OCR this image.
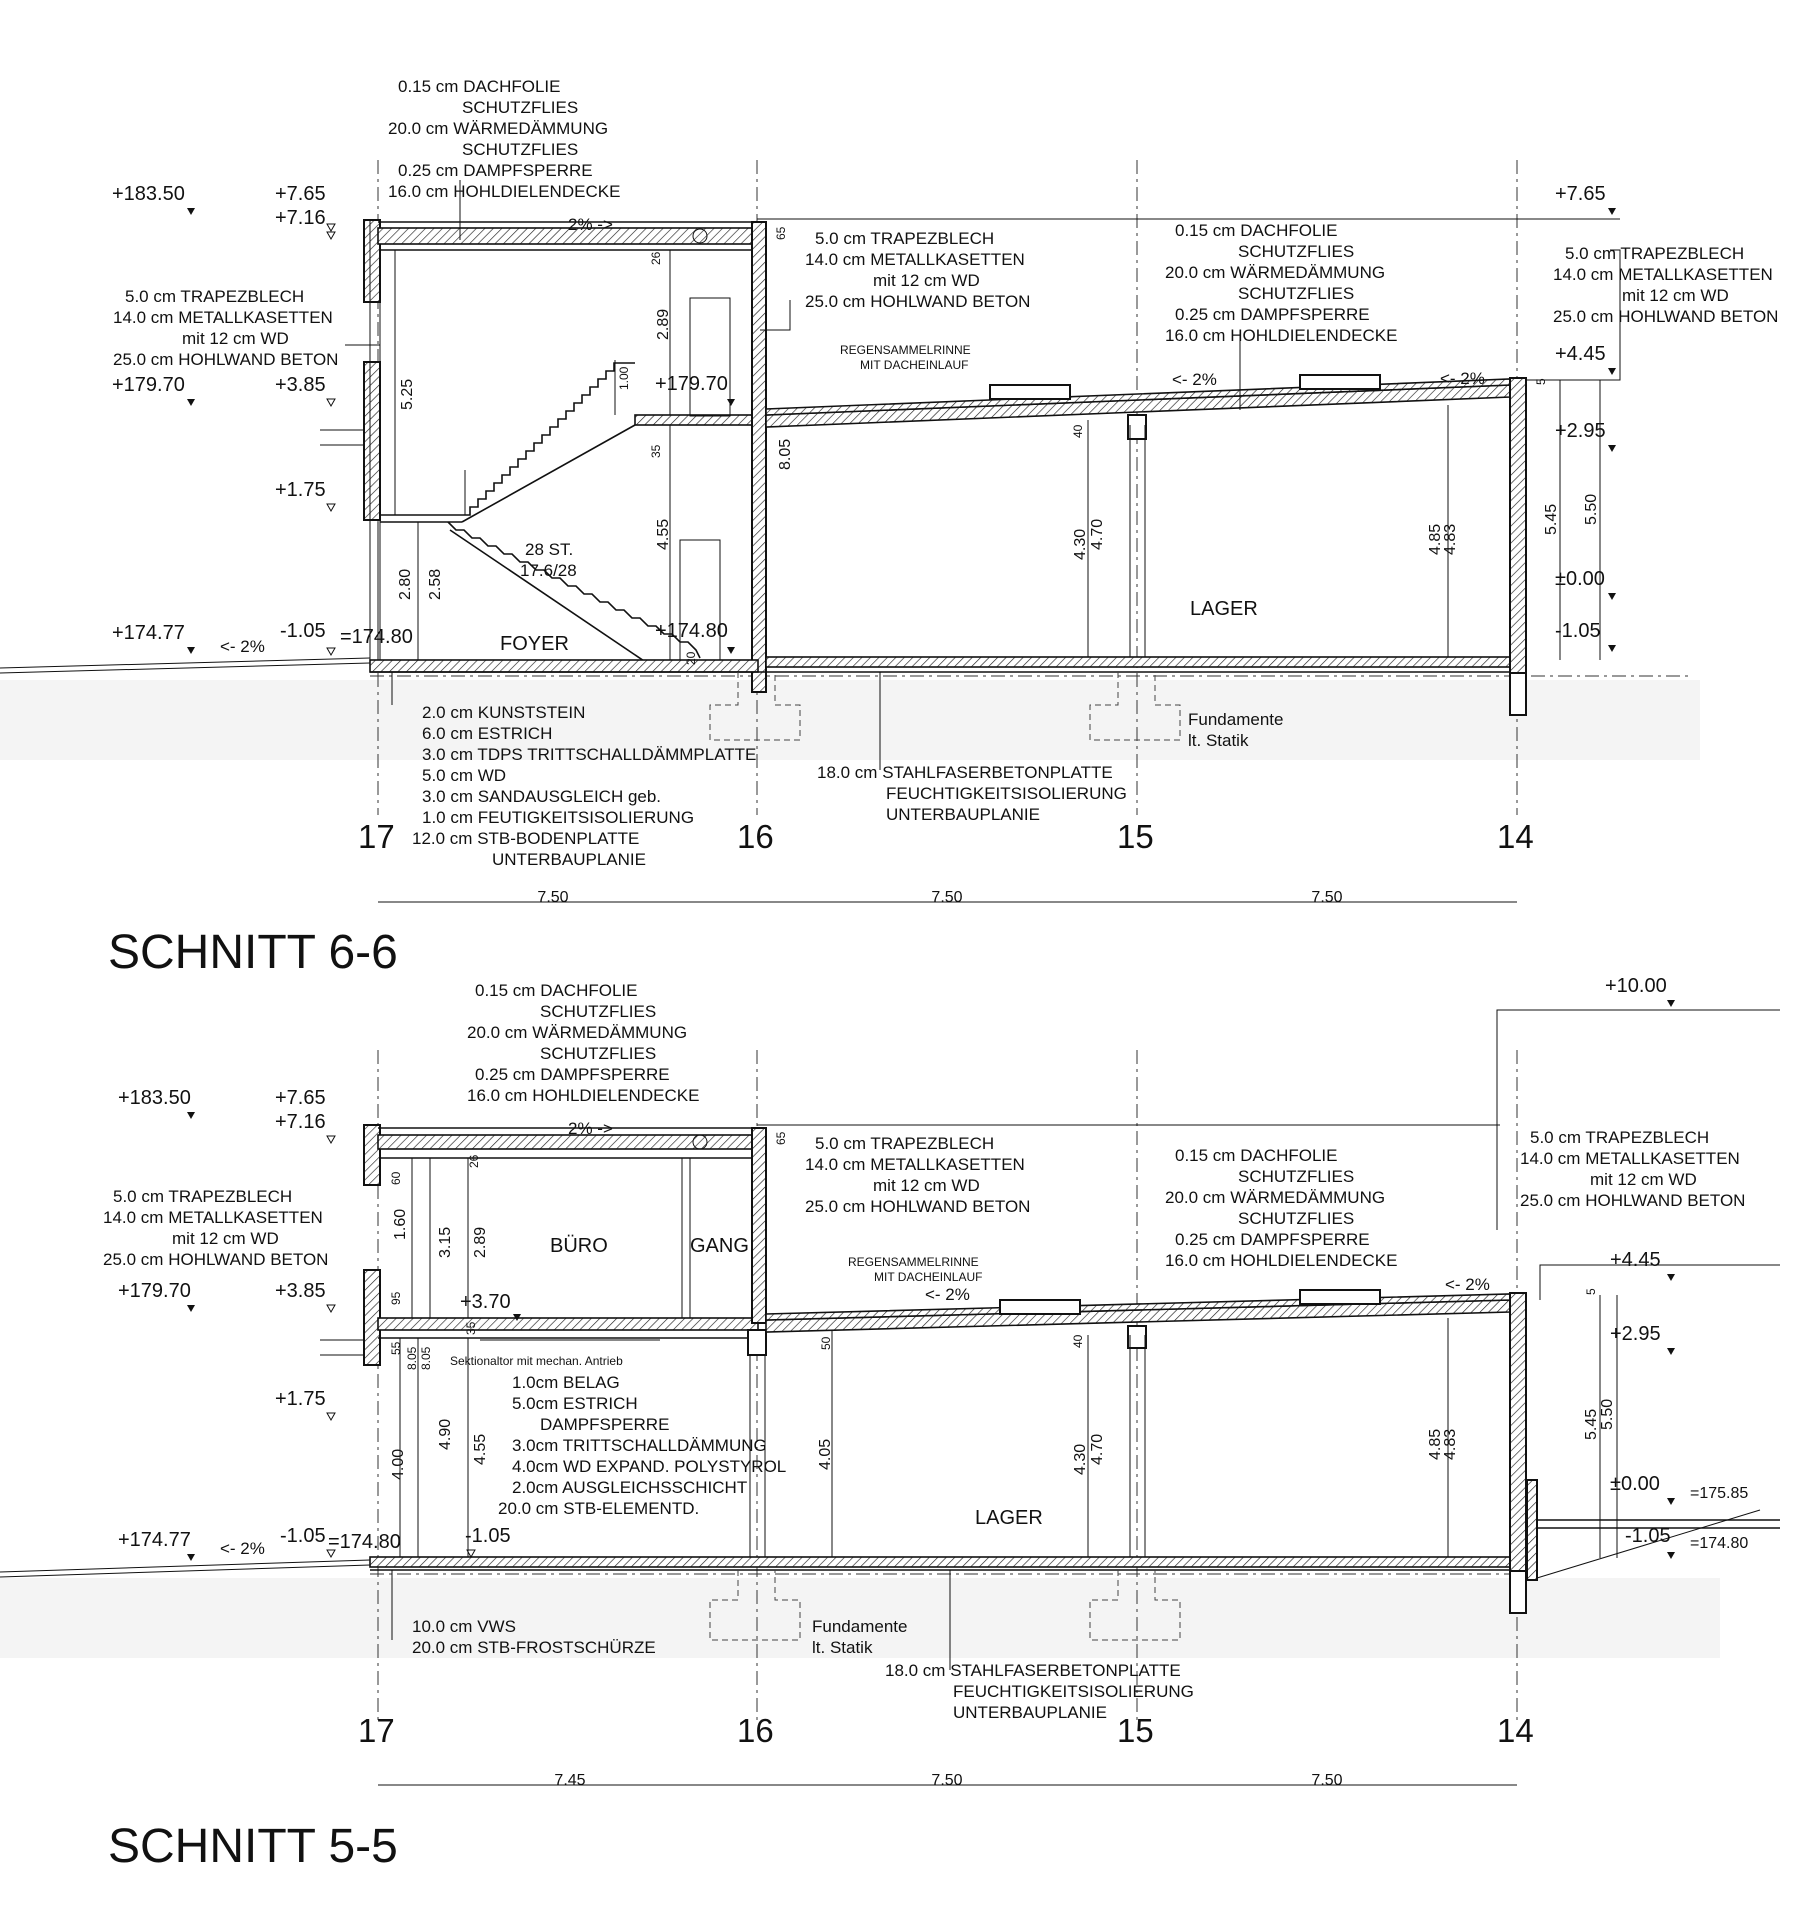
0.15 cm DACHFOLIE
SCHUTZFLIES
20.0 cm WÄRMEDÄMMUNG
SCHUTZFLIES
0.25 cm DAMPFSPERRE
16.0 cm HOHLDIELENDECKE
5.0 cm TRAPEZBLECH
14.0 cm METALLKASETTEN
mit 12 cm WD
25.0 cm HOHLWAND BETON
5.0 cm TRAPEZBLECH
14.0 cm METALLKASETTEN
mit 12 cm WD
25.0 cm HOHLWAND BETON
0.15 cm DACHFOLIE
SCHUTZFLIES
20.0 cm WÄRMEDÄMMUNG
SCHUTZFLIES
0.25 cm DAMPFSPERRE
16.0 cm HOHLDIELENDECKE
5.0 cm TRAPEZBLECH
14.0 cm METALLKASETTEN
mit 12 cm WD
25.0 cm HOHLWAND BETON
REGENSAMMELRINNE
MIT DACHEINLAUF
2.0 cm KUNSTSTEIN
6.0 cm ESTRICH
3.0 cm TDPS TRITTSCHALLDÄMMPLATTE
5.0 cm WD
3.0 cm SANDAUSGLEICH geb.
1.0 cm FEUTIGKEITSISOLIERUNG
12.0 cm STB-BODENPLATTE
UNTERBAUPLANIE
18.0 cm STAHLFASERBETONPLATTE
FEUCHTIGKEITSISOLIERUNG
UNTERBAUPLANIE
Fundamente
lt. Statik
FOYER
LAGER
28 ST.
17.6/28
+183.50
+179.70
+174.77
+7.65
+7.16
+3.85
+1.75
-1.05 =174.80
+179.70
+174.80
+7.65
+4.45
+2.95
±0.00
-1.05
2% ->
<- 2%	<- 2%
<- 2%
5.25
2.80 2.58
2.89
4.55
8.05
4.30 4.70	4.85
4.83
5.45 5.50
1.00
35
65
26
40
20
5
17	16	15	14
7.50	7.50	7.50
SCHNITT 6-6
0.15 cm DACHFOLIE
SCHUTZFLIES
20.0 cm WÄRMEDÄMMUNG
SCHUTZFLIES
0.25 cm DAMPFSPERRE
16.0 cm HOHLDIELENDECKE
5.0 cm TRAPEZBLECH
14.0 cm METALLKASETTEN
mit 12 cm WD
25.0 cm HOHLWAND BETON
5.0 cm TRAPEZBLECH
14.0 cm METALLKASETTEN
mit 12 cm WD
25.0 cm HOHLWAND BETON
0.15 cm DACHFOLIE
SCHUTZFLIES
20.0 cm WÄRMEDÄMMUNG
SCHUTZFLIES
0.25 cm DAMPFSPERRE
16.0 cm HOHLDIELENDECKE
5.0 cm TRAPEZBLECH
14.0 cm METALLKASETTEN
mit 12 cm WD
25.0 cm HOHLWAND BETON
REGENSAMMELRINNE
MIT DACHEINLAUF
Sektionaltor mit mechan. Antrieb
1.0cm BELAG
5.0cm ESTRICH
DAMPFSPERRE
3.0cm TRITTSCHALLDÄMMUNG
4.0cm WD EXPAND. POLYSTYROL
2.0cm AUSGLEICHSSCHICHT
20.0 cm STB-ELEMENTD.
10.0 cm VWS
20.0 cm STB-FROSTSCHÜRZE
18.0 cm STAHLFASERBETONPLATTE
FEUCHTIGKEITSISOLIERUNG
UNTERBAUPLANIE
Fundamente
lt. Statik
BÜRO	GANG
LAGER
+183.50
+179.70
+174.77
+7.65
+7.16
+3.85
+1.75
-1.05 =174.80
+3.70
-1.05
+10.00
+4.45
+2.95
±0.00
-1.05
=175.85
=174.80
2% ->
<- 2%
<- 2%
<- 2%
60
1.60
3.15 2.89
95
55 8.05 8.05
4.00
4.90 4.55
50
4.05	4.30 4.70	4.85
4.83
5.45 5.50
26
35
65
40
5
17	16	15	14
7.45	7.50	7.50
SCHNITT 5-5
